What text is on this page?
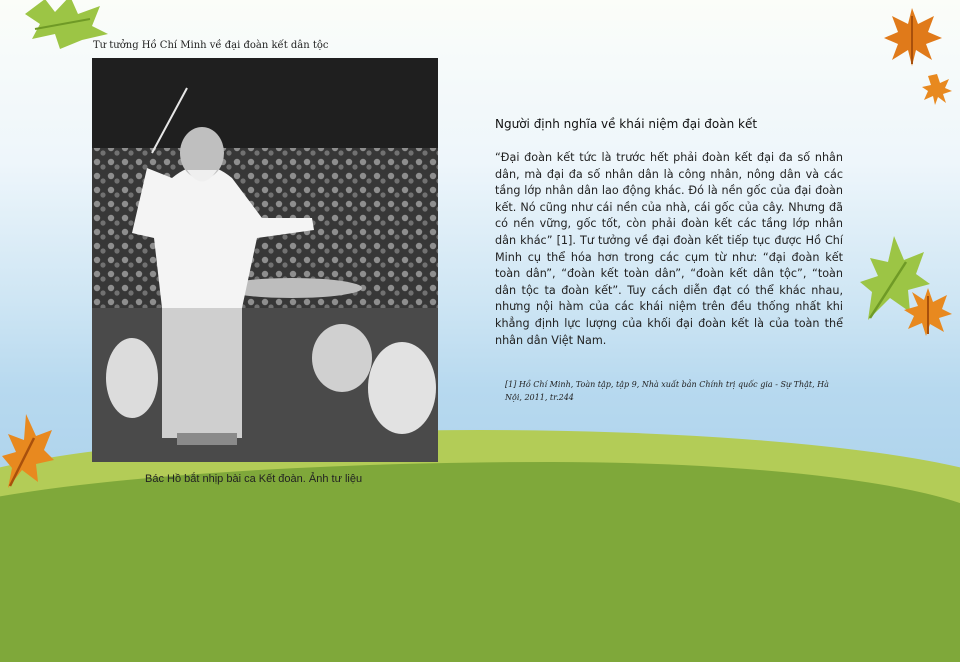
Tư tưởng Hồ Chí Minh về đại đoàn kết dân tộc
Bác Hồ bắt nhịp bài ca Kết đoàn. Ảnh tư liệu
Người định nghĩa về khái niệm đại đoàn kết
“Đại đoàn kết tức là trước hết phải đoàn kết đại đa số nhân dân, mà đại đa số nhân dân là công nhân, nông dân và các tầng lớp nhân dân lao động khác. Đó là nền gốc của đại đoàn kết. Nó cũng như cái nền của nhà, cái gốc của cây. Nhưng đã có nền vững, gốc tốt, còn phải đoàn kết các tầng lớp nhân dân khác” [1]. Tư tưởng về đại đoàn kết tiếp tục được Hồ Chí Minh cụ thể hóa hơn trong các cụm từ như: “đại đoàn kết toàn dân”, “đoàn kết toàn dân”, “đoàn kết dân tộc”, “toàn dân tộc ta đoàn kết”. Tuy cách diễn đạt có thể khác nhau, nhưng nội hàm của các khái niệm trên đều thống nhất khi khẳng định lực lượng của khối đại đoàn kết là của toàn thể nhân dân Việt Nam.
[1] Hồ Chí Minh, Toàn tập, tập 9, Nhà xuất bản Chính trị quốc gia - Sự Thật, Hà Nội, 2011, tr.244
